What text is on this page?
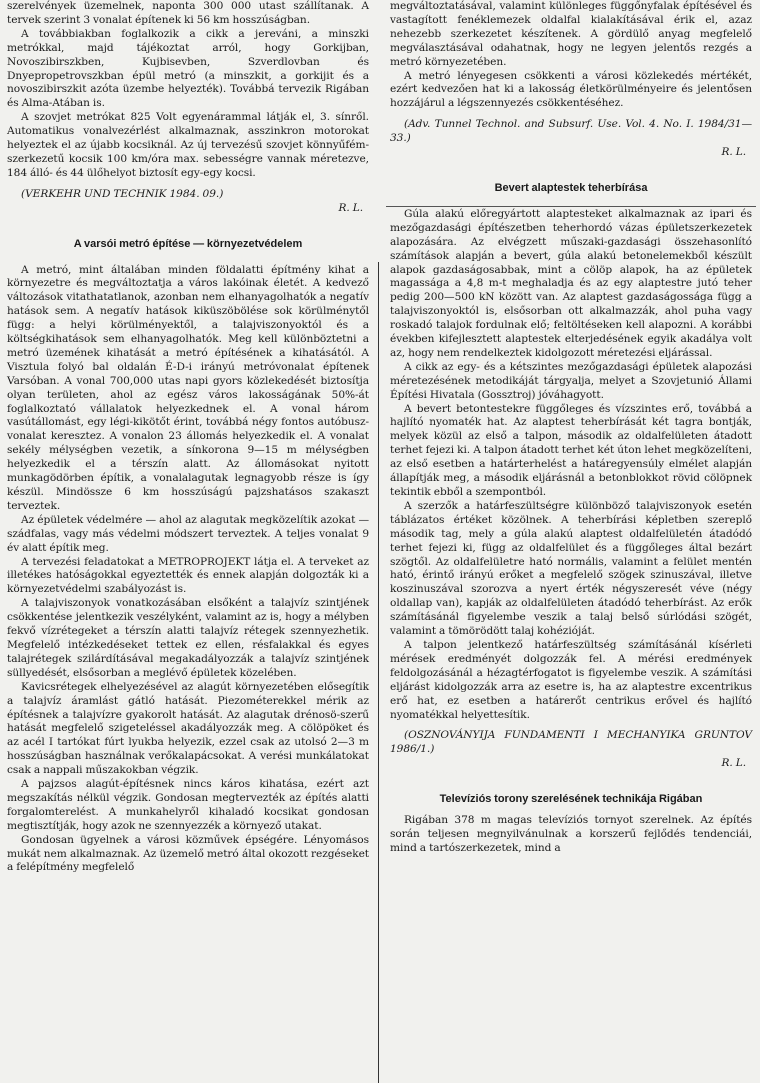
szerelvények üzemelnek, naponta 300 000 utast szállítanak. A tervek szerint 3 vonalat építenek ki 56 km hosszúságban.

A továbbiakban foglalkozik a cikk a jereváni, a minszki metrókkal, majd tájékoztat arról, hogy Gorkijban, Novoszibirszkben, Kujbisevben, Szverdlovban és Dnyepropetrovszkban épül metró (a minszkit, a gorkijit és a novoszibirszkit azóta üzembe helyezték). Továbbá tervezik Rigában és Alma-Atában is.

A szovjet metrókat 825 Volt egyenárammal látják el, 3. sínről. Automatikus vonalvezérlést alkalmaznak, asszinkron motorokat helyeztek el az újabb kocsiknál. Az új tervezésű szovjet könnyűfém-szerkezetű kocsik 100 km/óra max. sebességre vannak méretezve, 184 álló- és 44 ülőhelyot biztosít egy-egy kocsi.

(VERKEHR UND TECHNIK 1984. 09.)

R. L.
A varsói metró építése — környezetvédelem

A metró, mint általában minden földalatti építmény kihat a környezetre és megváltoztatja a város lakóinak életét. A kedvező változások vitathatatlanok, azonban nem elhanyagolhatók a negatív hatások sem. A negatív hatások kiküszöbölése sok körülménytől függ: a helyi körülményektől, a talajviszonyoktól és a költségkihatások sem elhanyagolhatók. Meg kell különböztetni a metró üzemének kihatását a metró építésének a kihatásától. A Visztula folyó bal oldalán É-D-i irányú metróvonalat építenek Varsóban. A vonal 700,000 utas napi gyors közlekedését biztosítja olyan területen, ahol az egész város lakosságának 50%-át foglalkoztató vállalatok helyezkednek el. A vonal három vasútállomást, egy légi-kikötőt érint, továbbá négy fontos autóbusz-vonalat keresztez. A vonalon 23 állomás helyezkedik el. A vonalat sekély mélységben vezetik, a sínkorona 9—15 m mélységben helyezkedik el a térszín alatt. Az állomásokat nyitott munkagödörben építik, a vonalalagutak legnagyobb része is így készül. Mindössze 6 km hosszúságú pajzshatásos szakaszt terveztek.

Az épületek védelmére — ahol az alagutak megközelítik azokat — szádfalas, vagy más védelmi módszert terveztek. A teljes vonalat 9 év alatt építik meg.

A tervezési feladatokat a METROPROJEKT látja el. A terveket az illetékes hatóságokkal egyeztették és ennek alapján dolgozták ki a környezetvédelmi szabályozást is.

A talajviszonyok vonatkozásában elsőként a talajvíz szintjének csökkentése jelentkezik veszélyként, valamint az is, hogy a mélyben fekvő vízrétegeket a térszín alatti talajvíz rétegek szennyezhetik. Megfelelő intézkedéseket tettek ez ellen, résfalakkal és egyes talajrétegek szilárdításával megakadályozzák a talajvíz szintjének süllyedését, elsősorban a meglévő épületek közelében.

Kavicsrétegek elhelyezésével az alagút környezetében elősegítik a talajvíz áramlást gátló hatását. Piezométerekkel mérik az építésnek a talajvízre gyakorolt hatását. Az alagutak drénosö-szerű hatását megfelelő szigeteléssel akadályozzák meg. A cölöpöket és az acél I tartókat fúrt lyukba helyezik, ezzel csak az utolsó 2—3 m hosszúságban használnak verőkalapácsokat. A verési munkálatokat csak a nappali műszakokban végzik.

A pajzsos alagút-építésnek nincs káros kihatása, ezért azt megszakítás nélkül végzik. Gondosan megtervezték az építés alatti forgalomterelést. A munkahelyről kihaladó kocsikat gondosan megtisztítják, hogy azok ne szennyezzék a környező utakat.

Gondosan ügyelnek a városi közművek épségére. Lényomásos mukát nem alkalmaznak. Az üzemelő metró által okozott rezgéseket a felépítmény megfelelő

megváltoztatásával, valamint különleges függőnyfalak építésével és vastagított fenéklemezek oldalfal kialakításával érik el, azaz nehezebb szerkezetet készítenek. A gördülő anyag megfelelő megválasztásával odahatnak, hogy ne legyen jelentős rezgés a metró környezetében.

A metró lényegesen csökkenti a városi közlekedés mértékét, ezért kedvezően hat ki a lakosság életkörülményeire és jelentősen hozzájárul a légszennyezés csökkentéséhez.

(Adv. Tunnel Technol. and Subsurf. Use. Vol. 4. No. I. 1984/31—33.)

R. L.
Bevert alaptestek teherbírása

Gúla alakú előregyártott alaptesteket alkalmaznak az ipari és mezőgazdasági építészetben teherhordó vázas épületszerkezetek alapozására. Az elvégzett műszaki-gazdasági összehasonlító számítások alapján a bevert, gúla alakú betonelemekből készült alapok gazdaságosabbak, mint a cölöp alapok, ha az épületek magassága a 4,8 m-t meghaladja és az egy alaptestre jutó teher pedig 200—500 kN között van. Az alaptest gazdaságossága függ a talajviszonyoktól is, elsősorban ott alkalmazzák, ahol puha vagy roskadó talajok fordulnak elő; feltöltéseken kell alapozni. A korábbi években kifejlesztett alaptestek elterjedésének egyik akadálya volt az, hogy nem rendelkeztek kidolgozott méretezési eljárással.

A cikk az egy- és a kétszintes mezőgazdasági épületek alapozási méretezésének metodikáját tárgyalja, melyet a Szovjetunió Állami Építési Hivatala (Gossztroj) jóváhagyott.

A bevert betontestekre függőleges és vízszintes erő, továbbá a hajlító nyomaték hat. Az alaptest teherbírását két tagra bontják, melyek közül az első a talpon, második az oldalfelületen átadott terhet fejezi ki. A talpon átadott terhet két úton lehet megközelíteni, az első esetben a határterhelést a határegyensúly elmélet alapján állapítják meg, a második eljárásnál a betonblokkot rövid cölöpnek tekintik ebből a szempontból.

A szerzők a határfeszültségre különböző talajviszonyok esetén táblázatos értéket közölnek. A teherbírási képletben szereplő második tag, mely a gúla alakú alaptest oldalfelületén átadódó terhet fejezi ki, függ az oldalfelület és a függőleges által bezárt szögtől. Az oldalfelületre ható normális, valamint a felület mentén ható, érintő irányú erőket a megfelelő szögek szinuszával, illetve koszinuszával szorozva a nyert érték négyszeresét véve (négy oldallap van), kapják az oldalfelületen átadódó teherbírást. Az erők számításánál figyelembe veszik a talaj belső súrlódási szögét, valamint a tömörödött talaj kohézióját.

A talpon jelentkező határfeszültség számításánál kísérleti mérések eredményét dolgozzák fel. A mérési eredmények feldolgozásánál a hézagtérfogatot is figyelembe veszik. A számítási eljárást kidolgozzák arra az esetre is, ha az alaptestre excentrikus erő hat, ez esetben a határerőt centrikus erővel és hajlító nyomatékkal helyettesítik.

(OSZNOVÁNYIJA FUNDAMENTI I MECHANYIKA GRUNTOV 1986/1.)

R. L.
Televíziós torony szerelésének technikája Rigában

Rigában 378 m magas televíziós tornyot szerelnek. Az építés során teljesen megnyilvánulnak a korszerű fejlődés tendenciái, mind a tartószerkezetek, mind a
